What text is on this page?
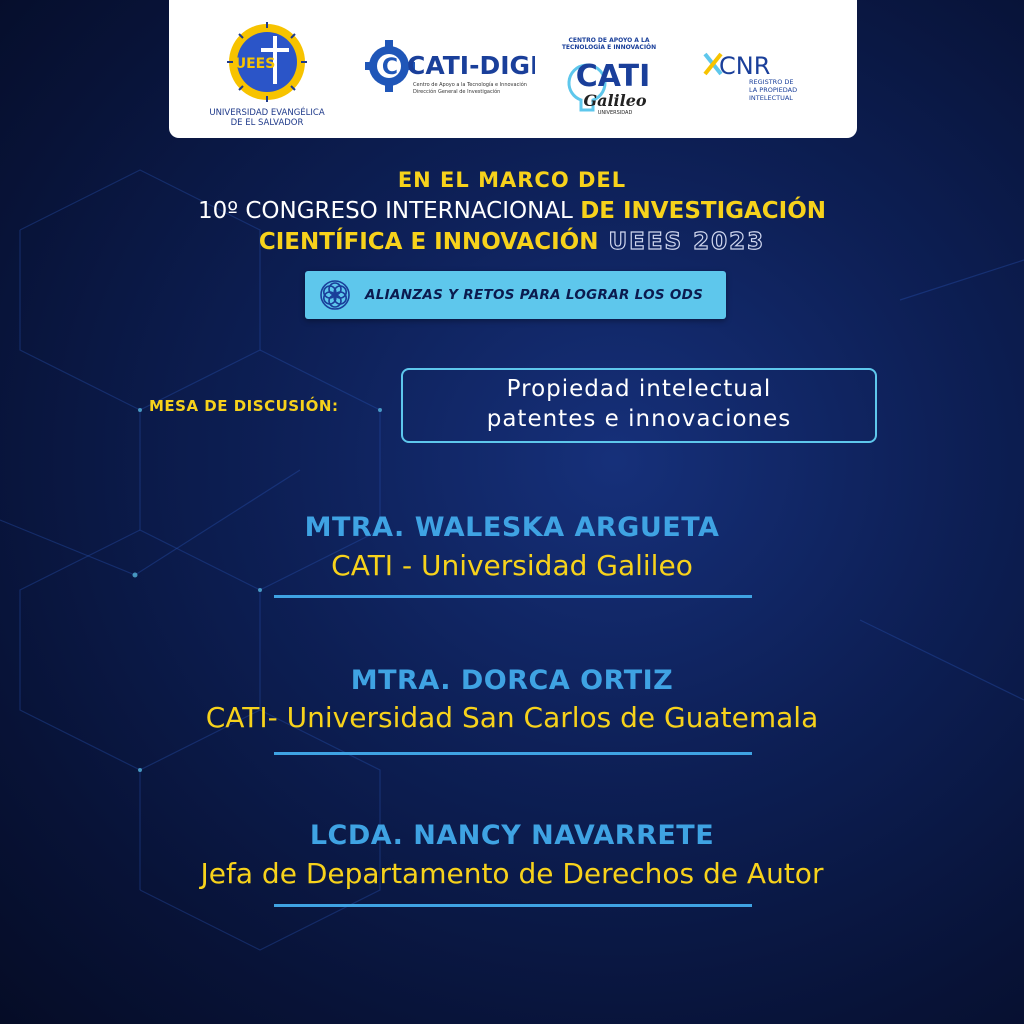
UEES
UNIVERSIDAD EVANGÉLICA
DE EL SALVADOR
C CATI-DIGI
Centro de Apoyo a la Tecnología e Innovación
Dirección General de Investigación
CENTRO DE APOYO A LA
TECNOLOGÍA E INNOVACIÓN
CATI
Galileo
UNIVERSIDAD
CNR
REGISTRO DE
LA PROPIEDAD
INTELECTUAL
EN EL MARCO DEL
10º CONGRESO INTERNACIONAL DE INVESTIGACIÓN
CIENTÍFICA E INNOVACIÓN UEES 2023
ALIANZAS Y RETOS PARA LOGRAR LOS ODS
MESA DE DISCUSIÓN:
Propiedad intelectual
patentes e innovaciones
MTRA. WALESKA ARGUETA
CATI - Universidad Galileo
MTRA. DORCA ORTIZ
CATI- Universidad San Carlos de Guatemala
LCDA. NANCY NAVARRETE
Jefa de Departamento de Derechos de Autor
